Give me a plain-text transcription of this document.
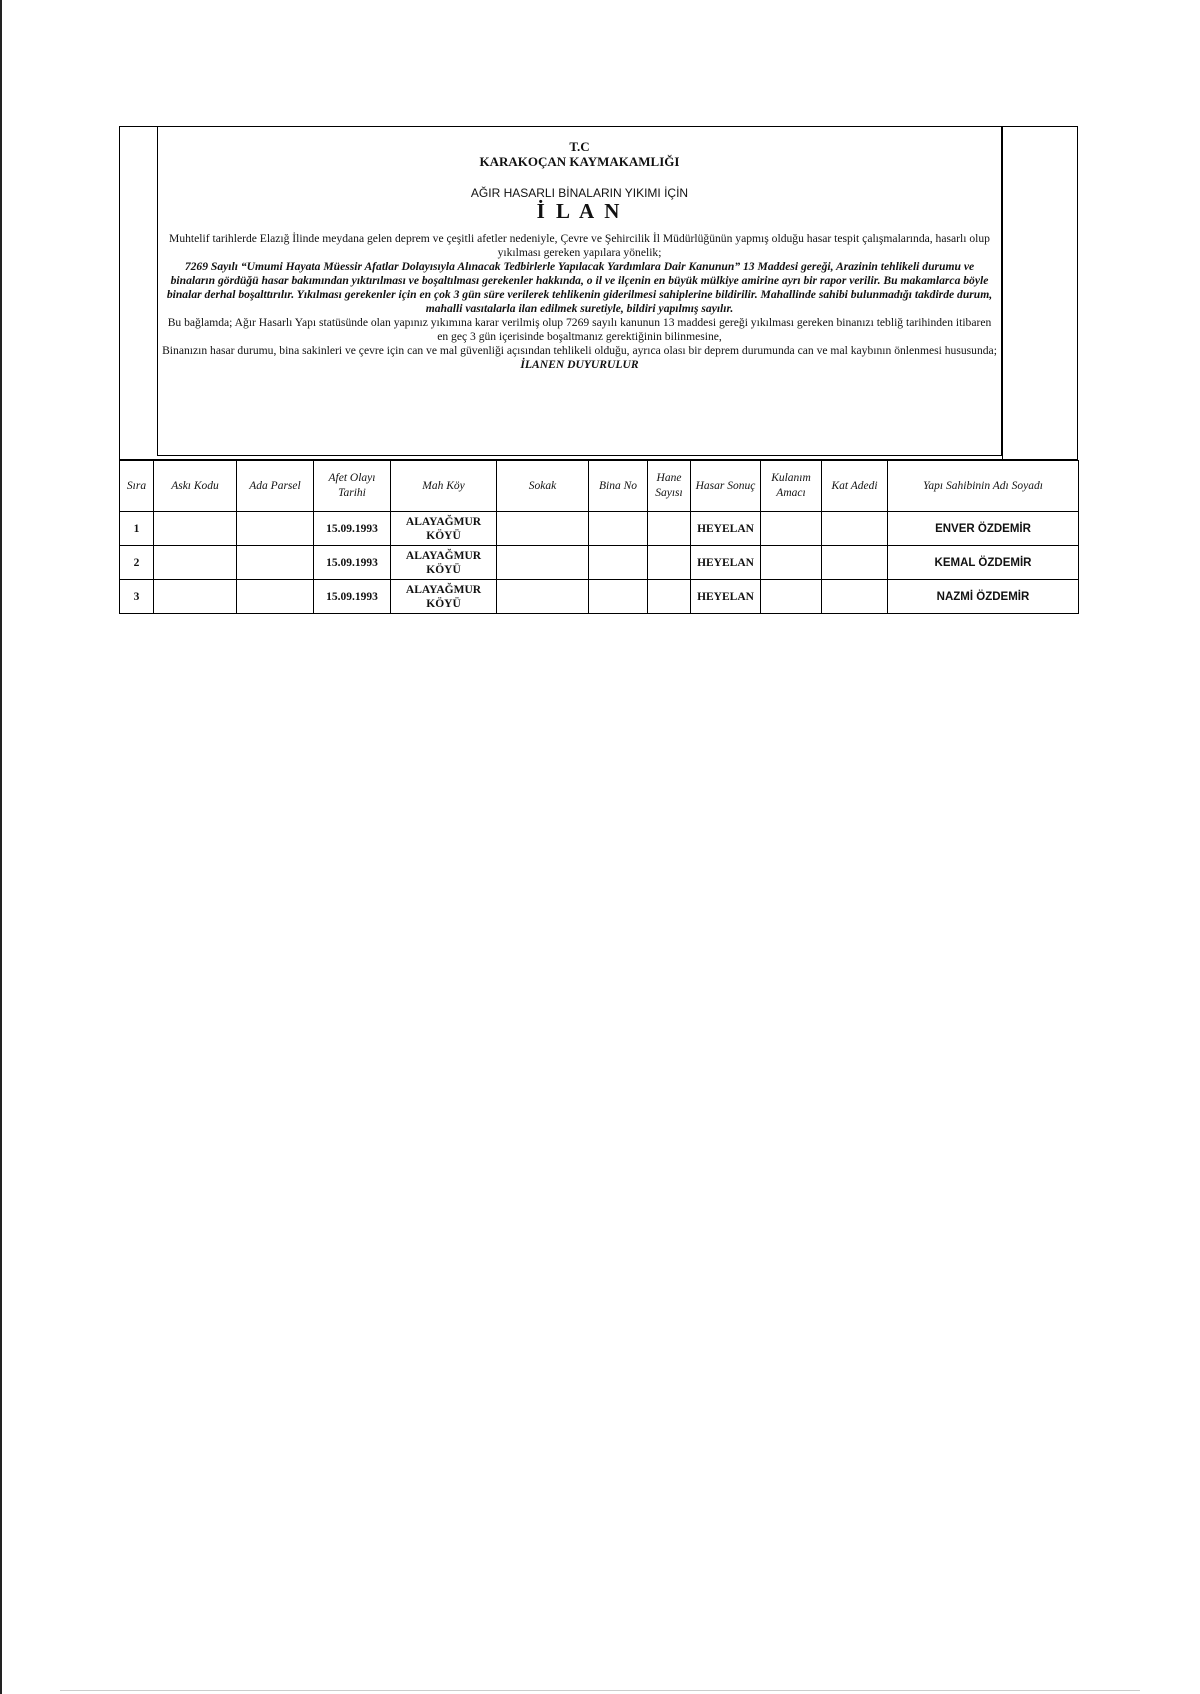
T.C
KARAKOÇAN KAYMAKAMLIĞI
AĞIR HASARLI BİNALARIN YIKIMI İÇİN
İ L A N

Muhtelif tarihlerde Elazığ İlinde meydana gelen deprem ve çeşitli afetler nedeniyle, Çevre ve Şehircilik İl Müdürlüğünün yapmış olduğu hasar tespit çalışmalarında, hasarlı olup yıkılması gereken yapılara yönelik;

7269 Sayılı “Umumi Hayata Müessir Afatlar Dolayısıyla Alınacak Tedbirlerle Yapılacak Yardımlara Dair Kanunun” 13 Maddesi gereği, Arazinin tehlikeli durumu ve binaların gördüğü hasar bakımından yıktırılması ve boşaltılması gerekenler hakkında, o il ve ilçenin en büyük mülkiye amirine ayrı bir rapor verilir. Bu makamlarca böyle binalar derhal boşalttırılır. Yıkılması gerekenler için en çok 3 gün süre verilerek tehlikenin giderilmesi sahiplerine bildirilir. Mahallinde sahibi bulunmadığı takdirde durum, mahalli vasıtalarla ilan edilmek suretiyle, bildiri yapılmış sayılır.

Bu bağlamda; Ağır Hasarlı Yapı statüsünde olan yapınız yıkımına karar verilmiş olup 7269 sayılı kanunun 13 maddesi gereği yıkılması gereken binanızı tebliğ tarihinden itibaren en geç 3 gün içerisinde boşaltmanız gerektiğinin bilinmesine,

Binanızın hasar durumu, bina sakinleri ve çevre için can ve mal güvenliği açısından tehlikeli olduğu, ayrıca olası bir deprem durumunda can ve mal kaybının önlenmesi hususunda;

İLANEN DUYURULUR

Sıra	Askı Kodu	Ada Parsel	Afet Olayı Tarihi	Mah Köy	Sokak	Bina No	Hane Sayısı	Hasar Sonuç	Kulanım Amacı	Kat Adedi	Yapı Sahibinin Adı Soyadı
1			15.09.1993	ALAYAĞMUR KÖYÜ				HEYELAN			ENVER ÖZDEMİR
2			15.09.1993	ALAYAĞMUR KÖYÜ				HEYELAN			KEMAL ÖZDEMİR
3			15.09.1993	ALAYAĞMUR KÖYÜ				HEYELAN			NAZMİ ÖZDEMİR
